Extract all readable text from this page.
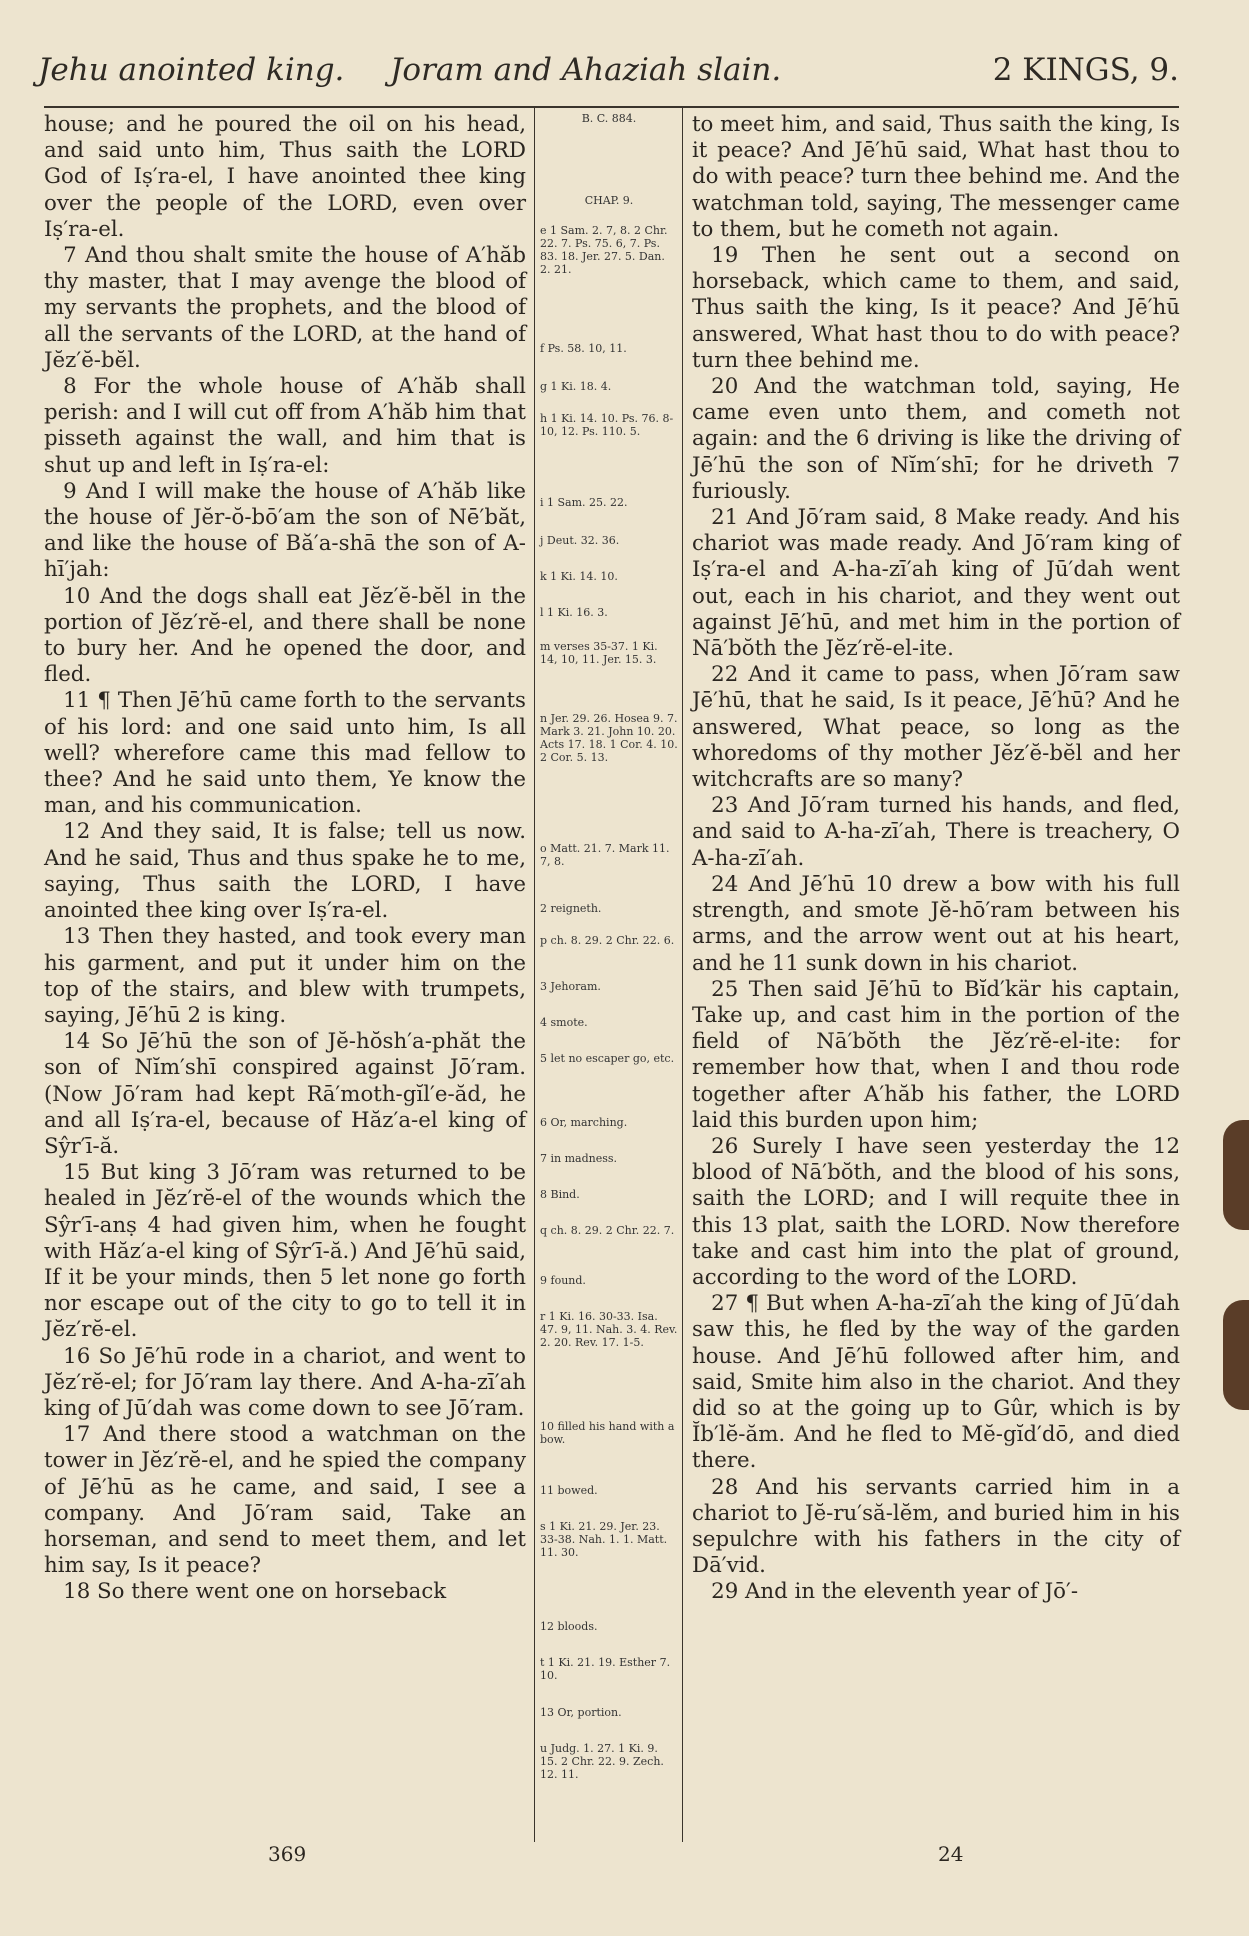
Jehu anointed king. Joram and Ahaziah slain.	2 KINGS, 9.

house; and he poured the oil on his head, and said unto him, Thus saith the LORD God of Iṣ′ra-el, I have anointed thee king over the people of the LORD, even over Iṣ′ra-el.

7 And thou shalt smite the house of A′hăb thy master, that I may avenge the blood of my servants the prophets, and the blood of all the servants of the LORD, at the hand of Jĕz′ĕ-bĕl.

8 For the whole house of A′hăb shall perish: and I will cut off from A′hăb him that pisseth against the wall, and him that is shut up and left in Iṣ′ra-el:

9 And I will make the house of A′hăb like the house of Jĕr-ŏ-bō′am the son of Nē′băt, and like the house of Bă′a-shā the son of A-hī′jah:

10 And the dogs shall eat Jĕz′ĕ-bĕl in the portion of Jĕz′rĕ-el, and there shall be none to bury her. And he opened the door, and fled.

11 ¶ Then Jē′hū came forth to the servants of his lord: and one said unto him, Is all well? wherefore came this mad fellow to thee? And he said unto them, Ye know the man, and his communication.

12 And they said, It is false; tell us now. And he said, Thus and thus spake he to me, saying, Thus saith the LORD, I have anointed thee king over Iṣ′ra-el.

13 Then they hasted, and took every man his garment, and put it under him on the top of the stairs, and blew with trumpets, saying, Jē′hū 2 is king.

14 So Jē′hū the son of Jĕ-hŏsh′a-phăt the son of Nĭm′shī conspired against Jō′ram. (Now Jō′ram had kept Rā′moth-gĭl′e-ăd, he and all Iṣ′ra-el, because of Hăz′a-el king of Sŷr′ī-ă.

15 But king 3 Jō′ram was returned to be healed in Jĕz′rĕ-el of the wounds which the Sŷr′ī-anṣ 4 had given him, when he fought with Hăz′a-el king of Sŷr′ī-ă.) And Jē′hū said, If it be your minds, then 5 let none go forth nor escape out of the city to go to tell it in Jĕz′rĕ-el.

16 So Jē′hū rode in a chariot, and went to Jĕz′rĕ-el; for Jō′ram lay there. And A-ha-zī′ah king of Jū′dah was come down to see Jō′ram.

17 And there stood a watchman on the tower in Jĕz′rĕ-el, and he spied the company of Jē′hū as he came, and said, I see a company. And Jō′ram said, Take an horseman, and send to meet them, and let him say, Is it peace?

18 So there went one on horseback

B. C. 884.
CHAP. 9.
e 1 Sam. 2. 7, 8. 2 Chr. 22. 7. Ps. 75. 6, 7. Ps. 83. 18. Jer. 27. 5. Dan. 2. 21.
f Ps. 58. 10, 11.
g 1 Ki. 18. 4.
h 1 Ki. 14. 10. Ps. 76. 8-10, 12. Ps. 110. 5.
i 1 Sam. 25. 22.
j Deut. 32. 36.
k 1 Ki. 14. 10.
l 1 Ki. 16. 3.
m verses 35-37. 1 Ki. 14, 10, 11. Jer. 15. 3.
n Jer. 29. 26. Hosea 9. 7. Mark 3. 21. John 10. 20. Acts 17. 18. 1 Cor. 4. 10. 2 Cor. 5. 13.
o Matt. 21. 7. Mark 11. 7, 8.
2 reigneth.
p ch. 8. 29. 2 Chr. 22. 6.
3 Jehoram.
4 smote.
5 let no escaper go, etc.
6 Or, marching.
7 in madness.
8 Bind.
q ch. 8. 29. 2 Chr. 22. 7.
9 found.
r 1 Ki. 16. 30-33. Isa. 47. 9, 11. Nah. 3. 4. Rev. 2. 20. Rev. 17. 1-5.
10 filled his hand with a bow.
11 bowed.
s 1 Ki. 21. 29. Jer. 23. 33-38. Nah. 1. 1. Matt. 11. 30.
12 bloods.
t 1 Ki. 21. 19. Esther 7. 10.
13 Or, portion.
u Judg. 1. 27. 1 Ki. 9. 15. 2 Chr. 22. 9. Zech. 12. 11.

to meet him, and said, Thus saith the king, Is it peace? And Jē′hū said, What hast thou to do with peace? turn thee behind me. And the watchman told, saying, The messenger came to them, but he cometh not again.

19 Then he sent out a second on horseback, which came to them, and said, Thus saith the king, Is it peace? And Jē′hū answered, What hast thou to do with peace? turn thee behind me.

20 And the watchman told, saying, He came even unto them, and cometh not again: and the 6 driving is like the driving of Jē′hū the son of Nĭm′shī; for he driveth 7 furiously.

21 And Jō′ram said, 8 Make ready. And his chariot was made ready. And Jō′ram king of Iṣ′ra-el and A-ha-zī′ah king of Jū′dah went out, each in his chariot, and they went out against Jē′hū, and met him in the portion of Nā′bŏth the Jĕz′rĕ-el-ite.

22 And it came to pass, when Jō′ram saw Jē′hū, that he said, Is it peace, Jē′hū? And he answered, What peace, so long as the whoredoms of thy mother Jĕz′ĕ-bĕl and her witchcrafts are so many?

23 And Jō′ram turned his hands, and fled, and said to A-ha-zī′ah, There is treachery, O A-ha-zī′ah.

24 And Jē′hū 10 drew a bow with his full strength, and smote Jĕ-hō′ram between his arms, and the arrow went out at his heart, and he 11 sunk down in his chariot.

25 Then said Jē′hū to Bĭd′kär his captain, Take up, and cast him in the portion of the field of Nā′bŏth the Jĕz′rĕ-el-ite: for remember how that, when I and thou rode together after A′hăb his father, the LORD laid this burden upon him;

26 Surely I have seen yesterday the 12 blood of Nā′bŏth, and the blood of his sons, saith the LORD; and I will requite thee in this 13 plat, saith the LORD. Now therefore take and cast him into the plat of ground, according to the word of the LORD.

27 ¶ But when A-ha-zī′ah the king of Jū′dah saw this, he fled by the way of the garden house. And Jē′hū followed after him, and said, Smite him also in the chariot. And they did so at the going up to Gûr, which is by Ĭb′lĕ-ăm. And he fled to Mĕ-gĭd′dō, and died there.

28 And his servants carried him in a chariot to Jĕ-ru′să-lĕm, and buried him in his sepulchre with his fathers in the city of Dā′vid.

29 And in the eleventh year of Jō′-

369	24
